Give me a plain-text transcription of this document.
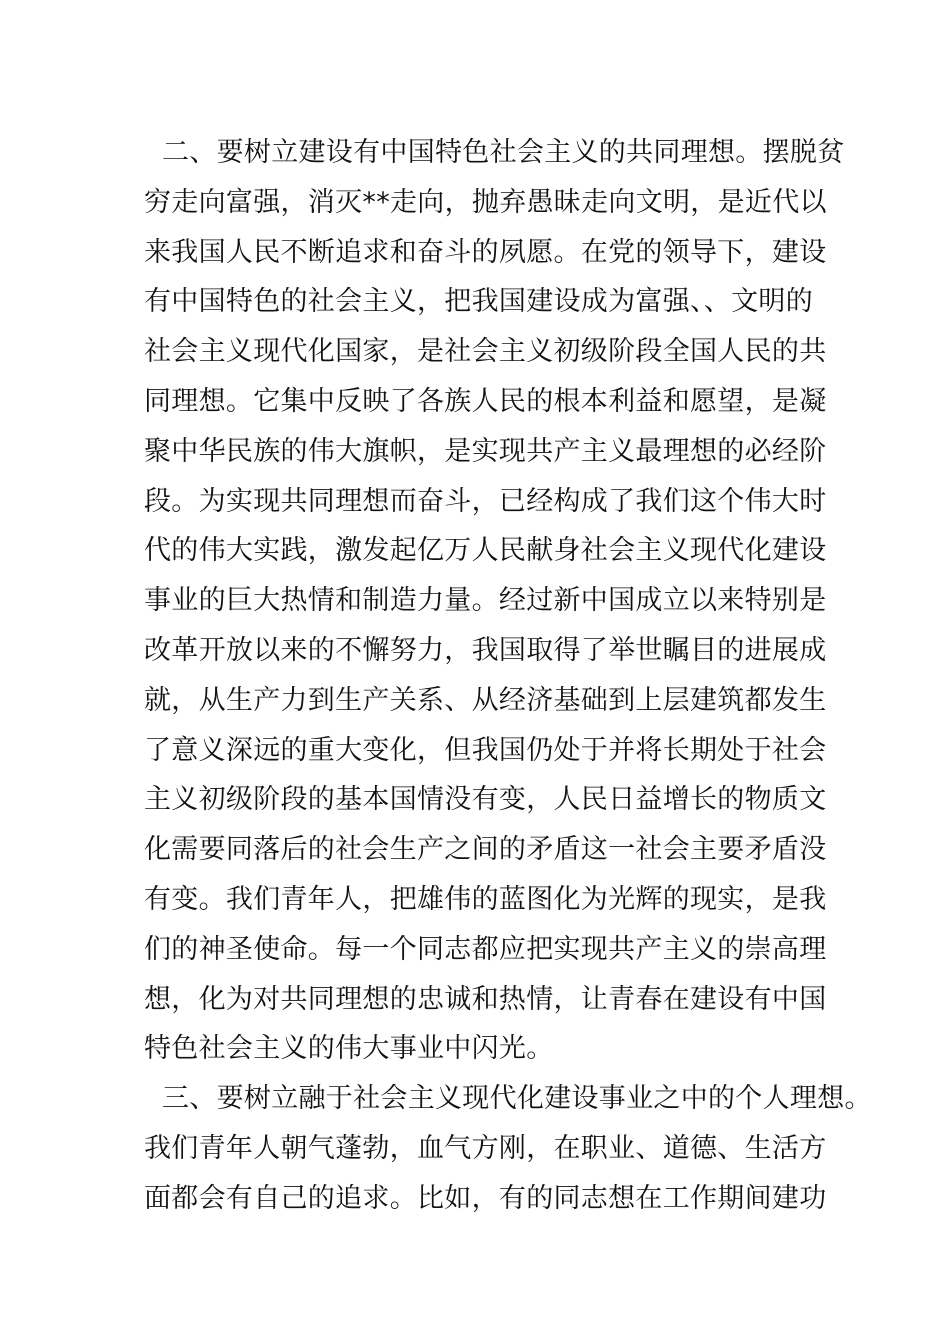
二、要树立建设有中国特色社会主义的共同理想。摆脱贫
穷走向富强，消灭**走向，抛弃愚昧走向文明，是近代以
来我国人民不断追求和奋斗的夙愿。在党的领导下，建设
有中国特色的社会主义，把我国建设成为富强、、文明的
社会主义现代化国家，是社会主义初级阶段全国人民的共
同理想。它集中反映了各族人民的根本利益和愿望，是凝
聚中华民族的伟大旗帜，是实现共产主义最理想的必经阶
段。为实现共同理想而奋斗，已经构成了我们这个伟大时
代的伟大实践，激发起亿万人民献身社会主义现代化建设
事业的巨大热情和制造力量。经过新中国成立以来特别是
改革开放以来的不懈努力，我国取得了举世瞩目的进展成
就，从生产力到生产关系、从经济基础到上层建筑都发生
了意义深远的重大变化，但我国仍处于并将长期处于社会
主义初级阶段的基本国情没有变，人民日益增长的物质文
化需要同落后的社会生产之间的矛盾这一社会主要矛盾没
有变。我们青年人，把雄伟的蓝图化为光辉的现实，是我
们的神圣使命。每一个同志都应把实现共产主义的崇高理
想，化为对共同理想的忠诚和热情，让青春在建设有中国
特色社会主义的伟大事业中闪光。
三、要树立融于社会主义现代化建设事业之中的个人理想。
我们青年人朝气蓬勃，血气方刚，在职业、道德、生活方
面都会有自己的追求。比如，有的同志想在工作期间建功
